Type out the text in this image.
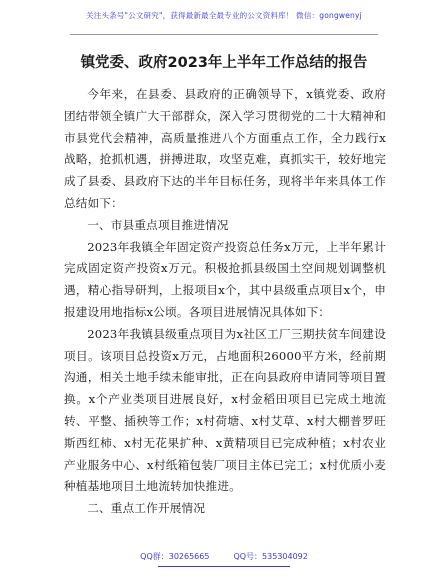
关注头条号"公文研究"，获得最新最全最专业的公文资料库！ 微信：gongwenyj
镇党委、政府2023年上半年工作总结的报告

今年来，在县委、县政府的正确领导下，x镇党委、政府团结带领全镇广大干部群众，深入学习贯彻党的二十大精神和市县党代会精神，高质量推进八个方面重点工作，全力践行x战略，抢抓机遇，拼搏进取，攻坚克难，真抓实干，较好地完成了县委、县政府下达的半年目标任务，现将半年来具体工作总结如下：

一、市县重点项目推进情况

2023年我镇全年固定资产投资总任务x万元，上半年累计完成固定资产投资x万元。积极抢抓县级国土空间规划调整机遇，精心指导研判，上报项目x个，其中县级重点项目x个，申报建设用地指标x公顷。各项目进展情况具体如下：

2023年我镇县级重点项目为x社区工厂三期扶贫车间建设项目。该项目总投资x万元，占地面积26000平方米，经前期沟通，相关土地手续未能审批，正在向县政府申请同等项目置换。x个产业类项目进展良好，x村金稻田项目已完成土地流转、平整、插秧等工作；x村荷塘、x村艾草、x村大棚普罗旺斯西红柿、x村无花果扩种、x黄精项目已完成种植；x村农业产业服务中心、x村纸箱包装厂项目主体已完工；x村优质小麦种植基地项目土地流转加快推进。

二、重点工作开展情况

QQ群：30265665	QQ号：535304092
